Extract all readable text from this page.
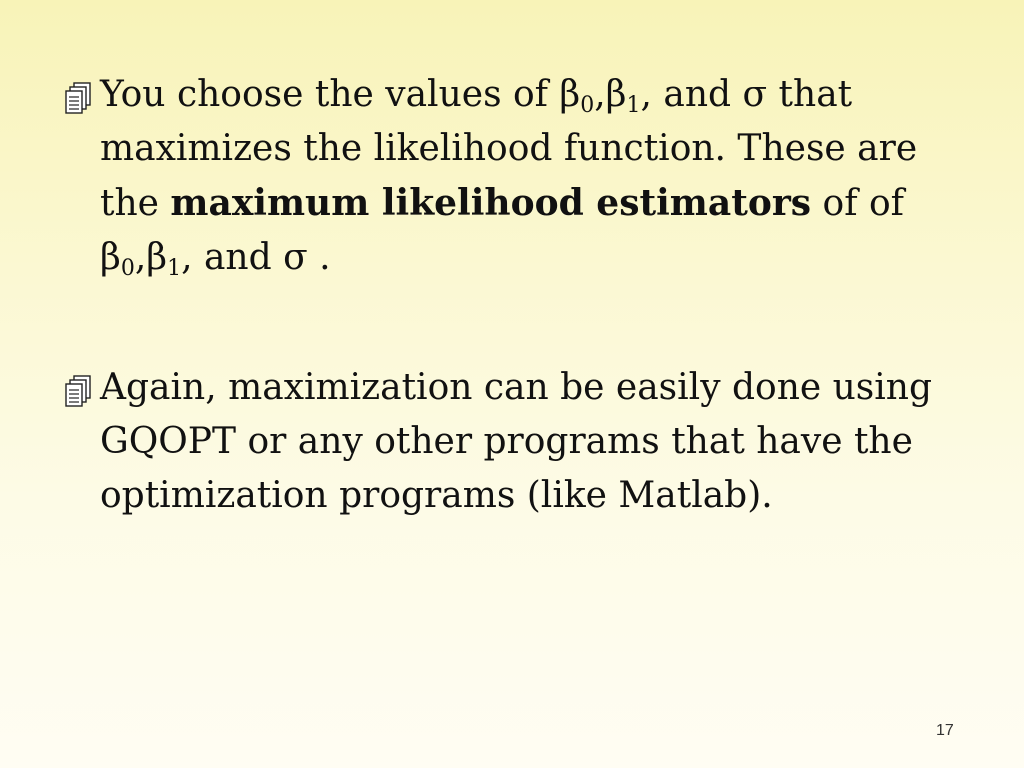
You choose the values of $\beta_0,\beta_1$, and σ that maximizes the likelihood function. These are the maximum likelihood estimators of of $\beta_0,\beta_1$, and σ .
Again, maximization can be easily done using GQOPT or any other programs that have the optimization programs (like Matlab).
17
